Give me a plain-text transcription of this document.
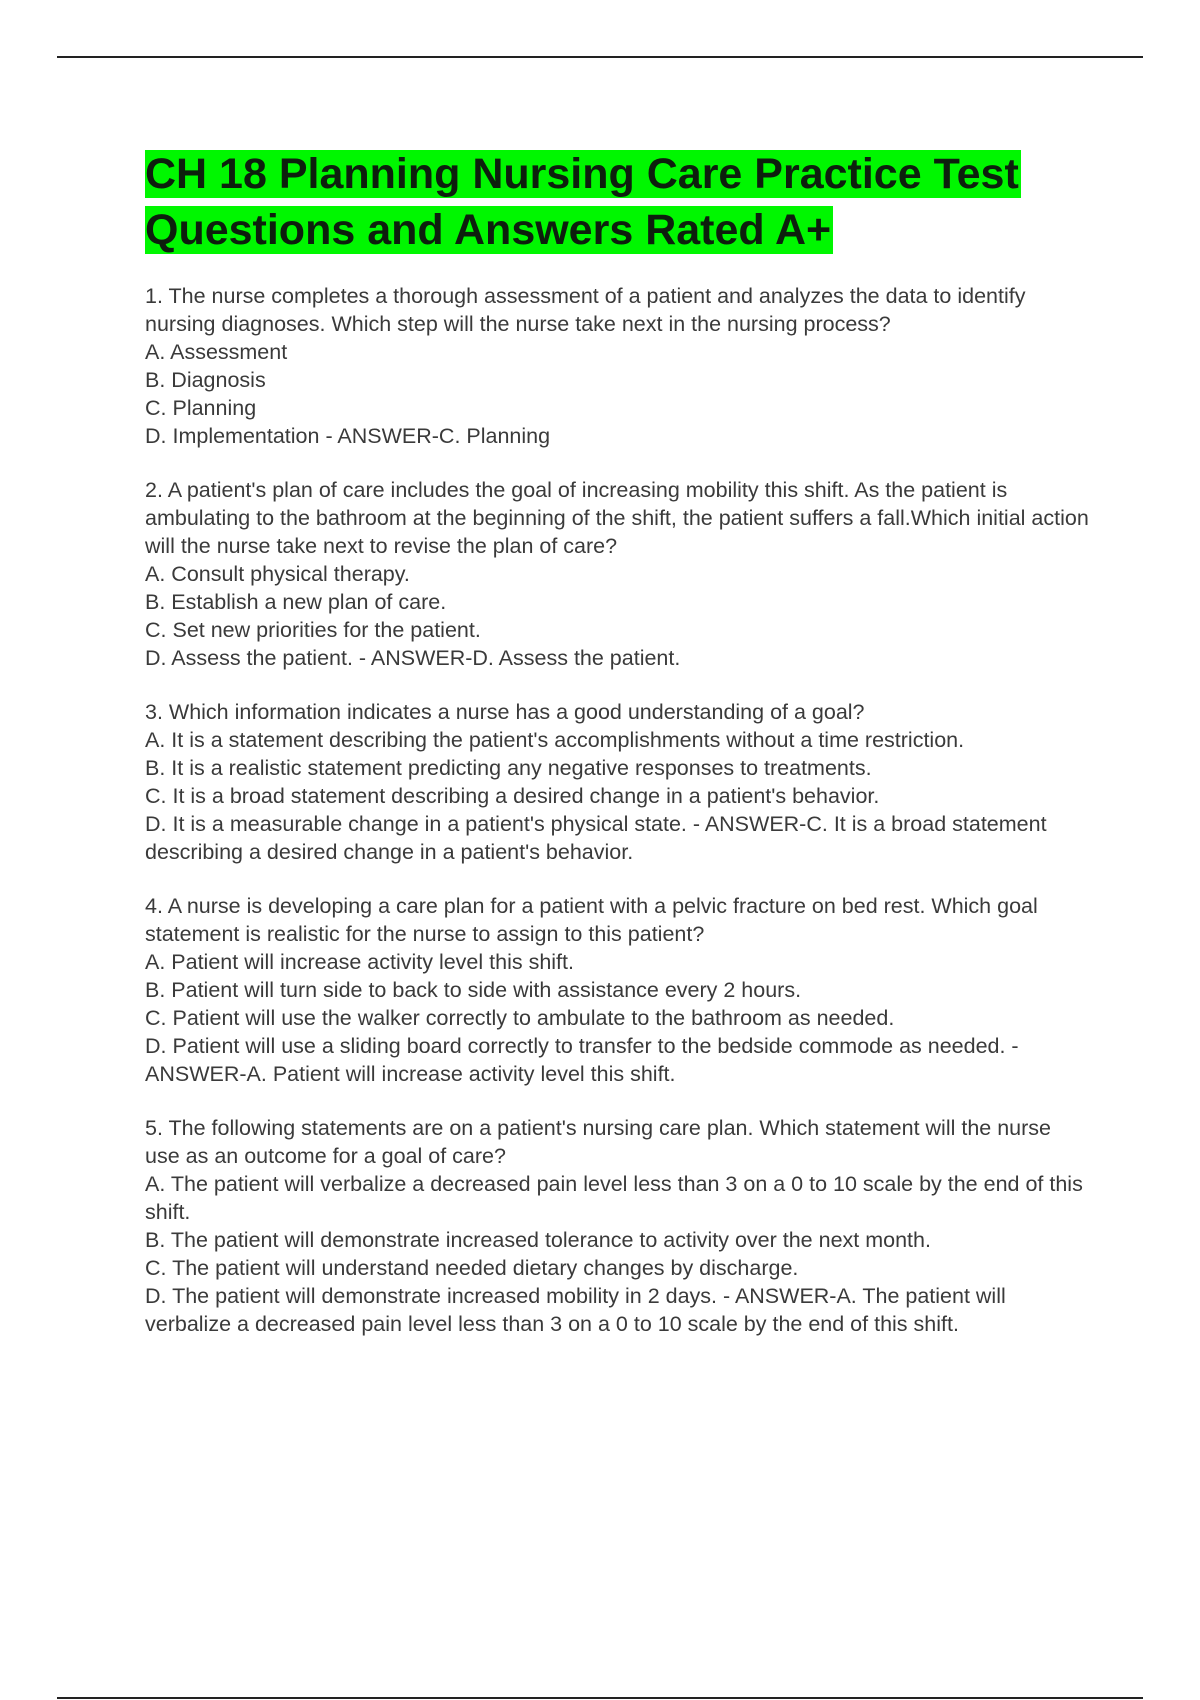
CH 18 Planning Nursing Care Practice Test Questions and Answers Rated A+
1. The nurse completes a thorough assessment of a patient and analyzes the data to identify nursing diagnoses. Which step will the nurse take next in the nursing process?
A. Assessment
B. Diagnosis
C. Planning
D. Implementation - ANSWER-C. Planning
2. A patient's plan of care includes the goal of increasing mobility this shift. As the patient is ambulating to the bathroom at the beginning of the shift, the patient suffers a fall.Which initial action will the nurse take next to revise the plan of care?
A. Consult physical therapy.
B. Establish a new plan of care.
C. Set new priorities for the patient.
D. Assess the patient. - ANSWER-D. Assess the patient.
3. Which information indicates a nurse has a good understanding of a goal?
A. It is a statement describing the patient's accomplishments without a time restriction.
B. It is a realistic statement predicting any negative responses to treatments.
C. It is a broad statement describing a desired change in a patient's behavior.
D. It is a measurable change in a patient's physical state. - ANSWER-C. It is a broad statement describing a desired change in a patient's behavior.
4. A nurse is developing a care plan for a patient with a pelvic fracture on bed rest. Which goal statement is realistic for the nurse to assign to this patient?
A. Patient will increase activity level this shift.
B. Patient will turn side to back to side with assistance every 2 hours.
C. Patient will use the walker correctly to ambulate to the bathroom as needed.
D. Patient will use a sliding board correctly to transfer to the bedside commode as needed. - ANSWER-A. Patient will increase activity level this shift.
5. The following statements are on a patient's nursing care plan. Which statement will the nurse use as an outcome for a goal of care?
A. The patient will verbalize a decreased pain level less than 3 on a 0 to 10 scale by the end of this shift.
B. The patient will demonstrate increased tolerance to activity over the next month.
C. The patient will understand needed dietary changes by discharge.
D. The patient will demonstrate increased mobility in 2 days. - ANSWER-A. The patient will verbalize a decreased pain level less than 3 on a 0 to 10 scale by the end of this shift.
